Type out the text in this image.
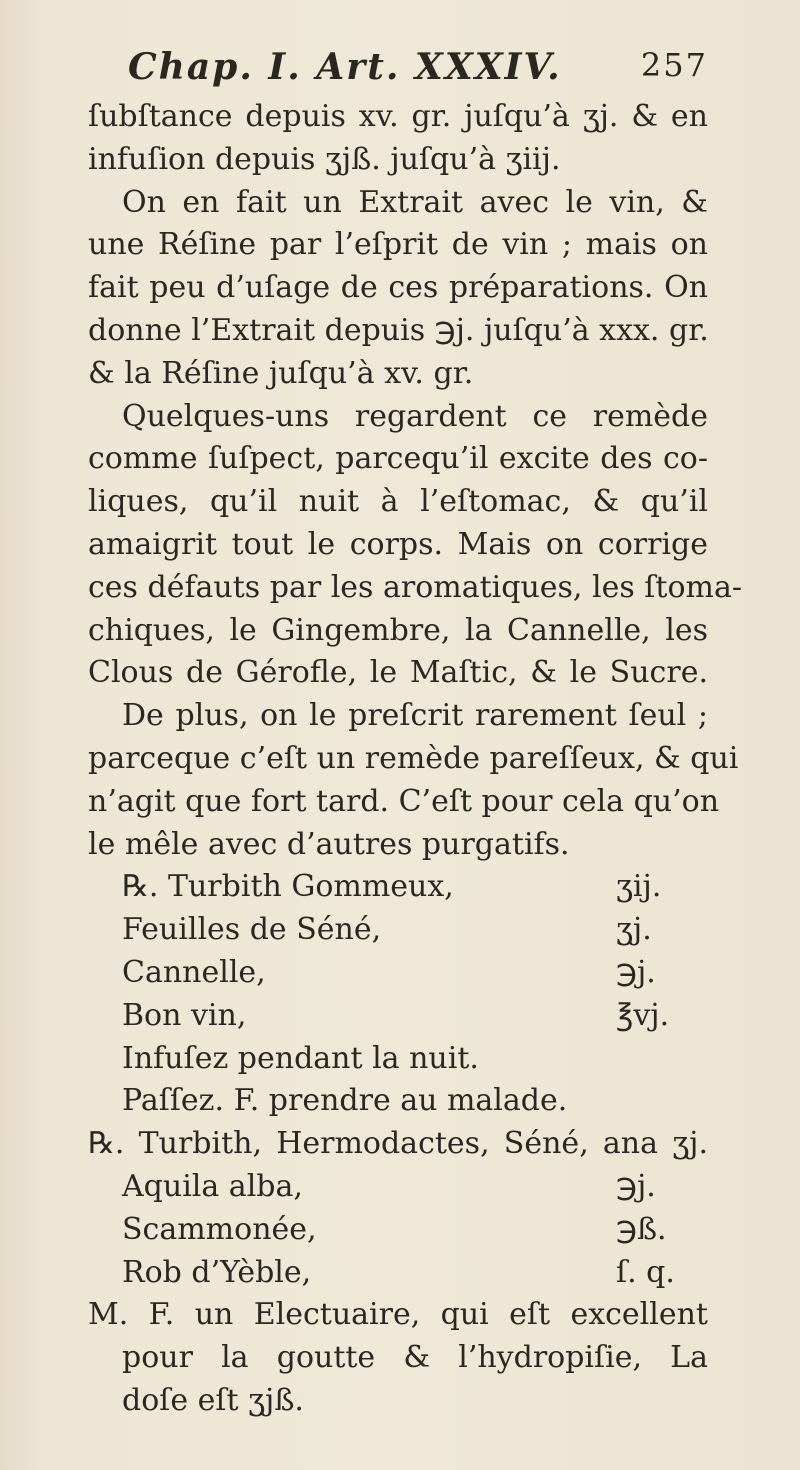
Chap. I. Art. XXXIV. 257
ſubſtance depuis xv. gr. juſqu’à ʒj. & en
infuſion depuis ʒjß. juſqu’à ʒiij.
On en fait un Extrait avec le vin, &
une Réſine par l’eſprit de vin ; mais on
fait peu d’uſage de ces préparations. On
donne l’Extrait depuis ℈j. juſqu’à xxx. gr.
& la Réſine juſqu’à xv. gr.
Quelques-uns regardent ce remède
comme ſuſpect, parcequ’il excite des co-
liques, qu’il nuit à l’eſtomac, & qu’il
amaigrit tout le corps. Mais on corrige
ces défauts par les aromatiques, les ſtoma-
chiques, le Gingembre, la Cannelle, les
Clous de Gérofle, le Maſtic, & le Sucre.
De plus, on le preſcrit rarement ſeul ;
parceque c’eſt un remède pareſſeux, & qui
n’agit que fort tard. C’eſt pour cela qu’on
le mêle avec d’autres purgatifs.
℞. Turbith Gommeux,	ʒij.
Feuilles de Séné,	ʒj.
Cannelle,	℈j.
Bon vin,	℥vj.
Infuſez pendant la nuit.
Paſſez. F. prendre au malade.
℞. Turbith, Hermodactes, Séné, ana ʒj.
Aquila alba,	℈j.
Scammonée,	℈ß.
Rob d’Yèble,	ſ. q.
M. F. un Electuaire, qui eſt excellent
pour la goutte & l’hydropiſie, La
doſe eſt ʒjß.
